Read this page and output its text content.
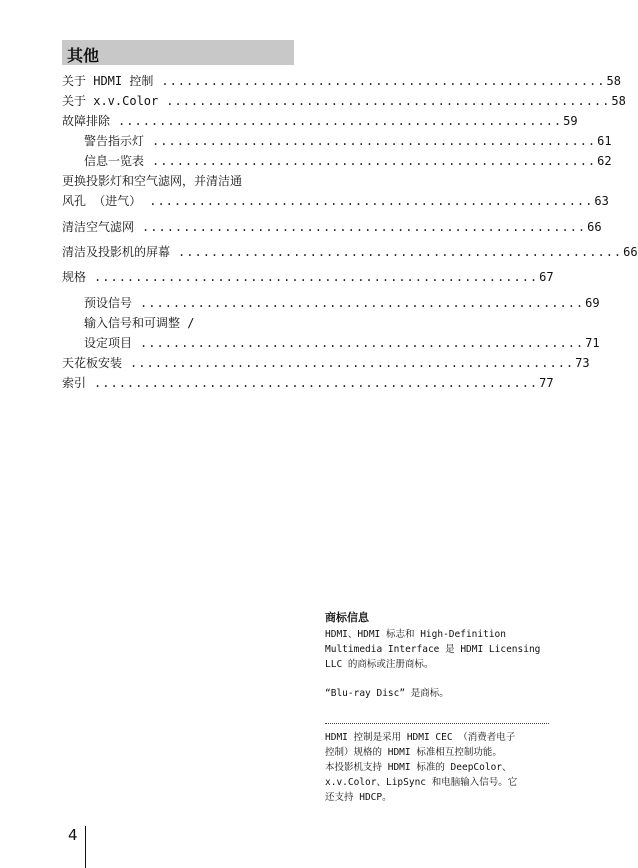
其他
关于 HDMI 控制 ...................................................... 58
关于 x.v.Color ...................................................... 58
故障排除 ...................................................... 59
警告指示灯 ...................................................... 61
信息一览表 ...................................................... 62
更换投影灯和空气滤网，并清洁通
风孔 （进气） ...................................................... 63
清洁空气滤网 ...................................................... 66
清洁及投影机的屏幕 ...................................................... 66
规格 ...................................................... 67
预设信号 ...................................................... 69
输入信号和可调整 /
设定项目 ...................................................... 71
天花板安装 ...................................................... 73
索引 ...................................................... 77
商标信息

HDMI、HDMI 标志和 High-Definition

Multimedia Interface 是 HDMI Licensing

LLC 的商标或注册商标。

“Blu-ray Disc” 是商标。

HDMI 控制是采用 HDMI CEC （消费者电子

控制）规格的 HDMI 标准相互控制功能。

本投影机支持 HDMI 标准的 DeepColor、

x.v.Color、LipSync 和电脑输入信号。它

还支持 HDCP。

4
